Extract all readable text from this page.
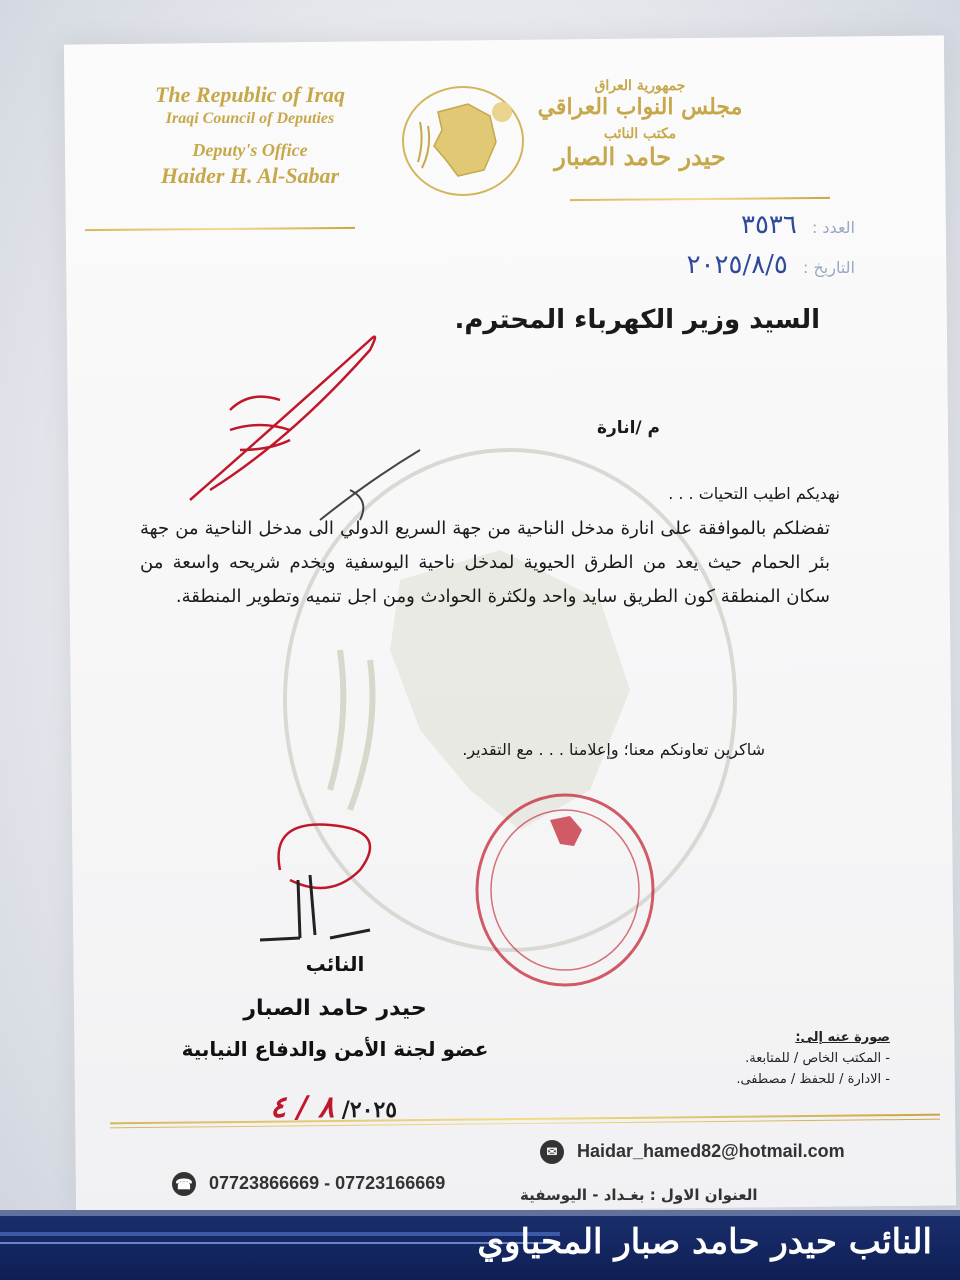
The Republic of Iraq
Iraqi Council of Deputies
Deputy's Office
Haider H. Al-Sabar
جمهورية العراق
مجلس النواب العراقي
مكتب النائب
حيدر حامد الصبار
العدد : ٣٥٣٦
التاريخ : ٢٠٢٥/٨/٥
السيد وزير الكهرباء المحترم.
م /انارة
نهديكم اطيب التحيات . . .
تفضلكم بالموافقة على انارة مدخل الناحية من جهة السريع الدولي الى مدخل الناحية من جهة بئر الحمام حيث يعد من الطرق الحيوية لمدخل ناحية اليوسفية ويخدم شريحه واسعة من سكان المنطقة كون الطريق سايد واحد ولكثرة الحوادث ومن اجل تنميه وتطوير المنطقة.
شاكرين تعاونكم معنا؛ وإعلامنا . . . مع التقدير.
النائب
حيدر حامد الصبار
عضو لجنة الأمن والدفاع النيابية
٢٠٢٥/ ٨ / ٤
صورة عنه إلى:
- المكتب الخاص / للمتابعة.
- الادارة / للحفظ / مصطفى.
☎ 07723866669 - 07723166669
✉ Haidar_hamed82@hotmail.com
العنوان الاول : بغـداد - اليوسفية
النائب حيدر حامد صبار المحياوي
